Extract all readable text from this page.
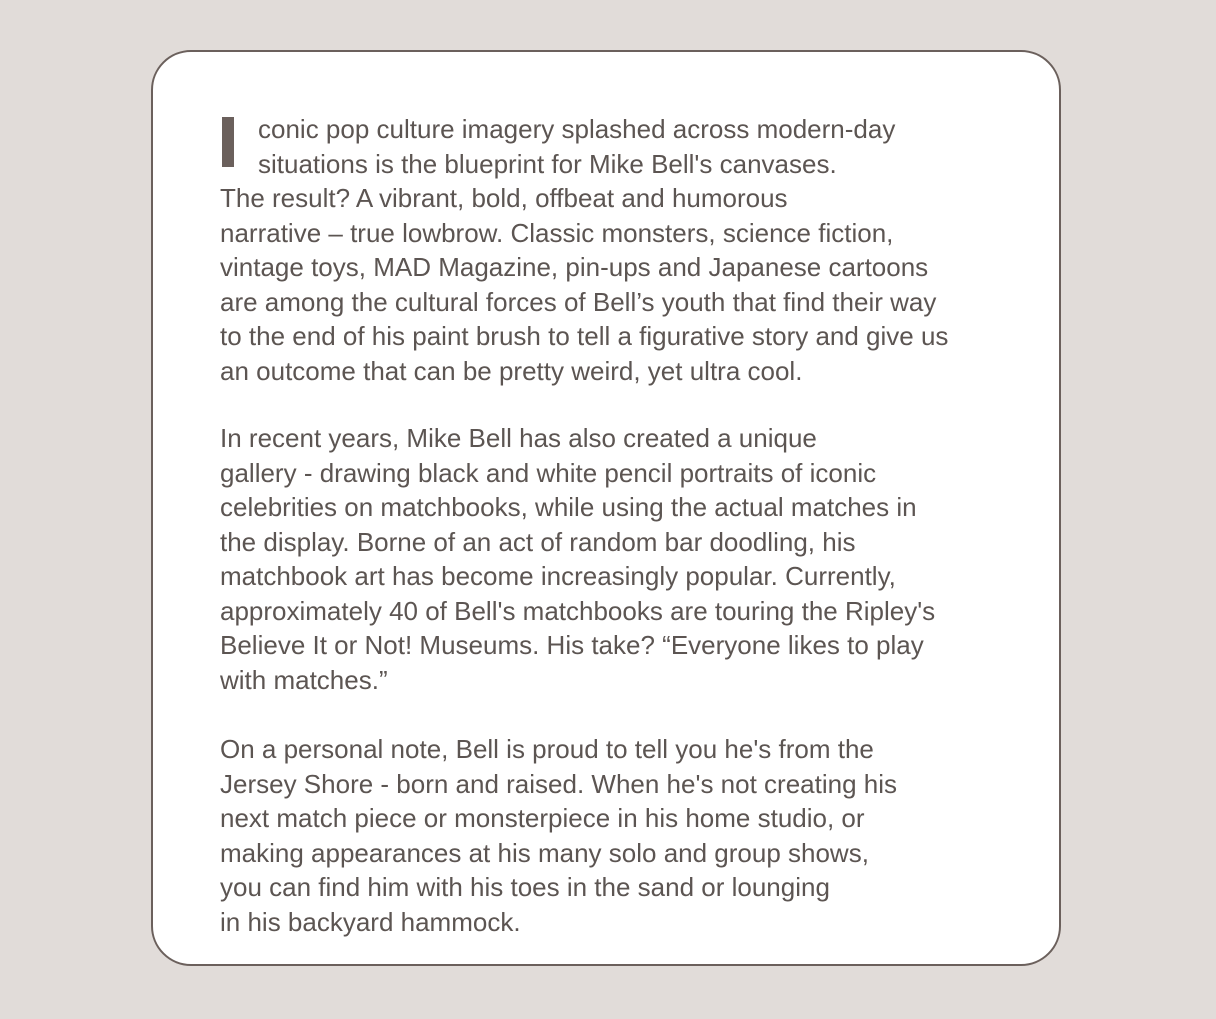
conic pop culture imagery splashed across modern-day

situations is the blueprint for Mike Bell's canvases.

The result? A vibrant, bold, offbeat and humorous

narrative – true lowbrow. Classic monsters, science fiction,

vintage toys, MAD Magazine, pin-ups and Japanese cartoons

are among the cultural forces of Bell’s youth that find their way

to the end of his paint brush to tell a figurative story and give us

an outcome that can be pretty weird, yet ultra cool.

In recent years, Mike Bell has also created a unique

gallery - drawing black and white pencil portraits of iconic

celebrities on matchbooks, while using the actual matches in

the display. Borne of an act of random bar doodling, his

matchbook art has become increasingly popular. Currently,

approximately 40 of Bell's matchbooks are touring the Ripley's

Believe It or Not! Museums. His take? “Everyone likes to play

with matches.”

On a personal note, Bell is proud to tell you he's from the

Jersey Shore - born and raised. When he's not creating his

next match piece or monsterpiece in his home studio, or

making appearances at his many solo and group shows,

you can find him with his toes in the sand or lounging

in his backyard hammock.
